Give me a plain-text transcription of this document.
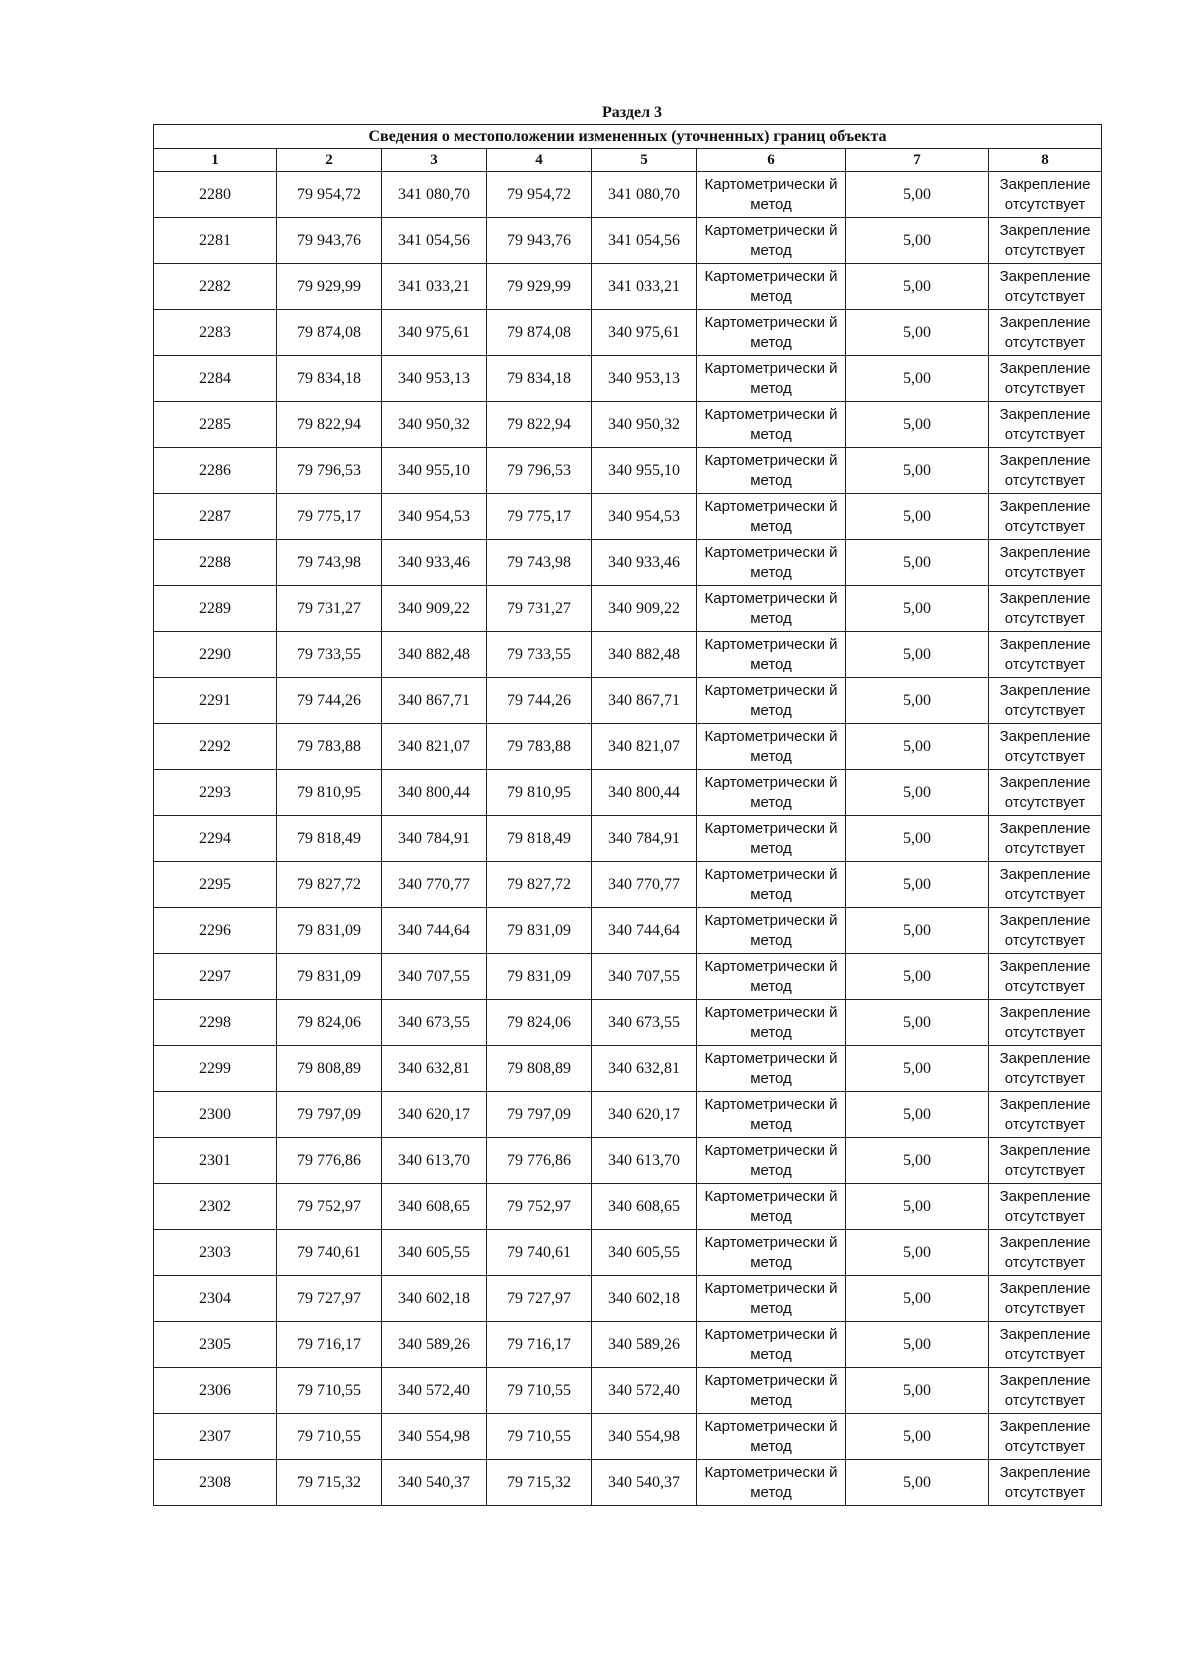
Раздел 3
Сведения о местоположении измененных (уточненных) границ объекта							
1	2	3	4	5	6	7	8
2280	79 954,72	341 080,70	79 954,72	341 080,70	Картометрически й метод	5,00	Закрепление отсутствует
2281	79 943,76	341 054,56	79 943,76	341 054,56	Картометрически й метод	5,00	Закрепление отсутствует
2282	79 929,99	341 033,21	79 929,99	341 033,21	Картометрически й метод	5,00	Закрепление отсутствует
2283	79 874,08	340 975,61	79 874,08	340 975,61	Картометрически й метод	5,00	Закрепление отсутствует
2284	79 834,18	340 953,13	79 834,18	340 953,13	Картометрически й метод	5,00	Закрепление отсутствует
2285	79 822,94	340 950,32	79 822,94	340 950,32	Картометрически й метод	5,00	Закрепление отсутствует
2286	79 796,53	340 955,10	79 796,53	340 955,10	Картометрически й метод	5,00	Закрепление отсутствует
2287	79 775,17	340 954,53	79 775,17	340 954,53	Картометрически й метод	5,00	Закрепление отсутствует
2288	79 743,98	340 933,46	79 743,98	340 933,46	Картометрически й метод	5,00	Закрепление отсутствует
2289	79 731,27	340 909,22	79 731,27	340 909,22	Картометрически й метод	5,00	Закрепление отсутствует
2290	79 733,55	340 882,48	79 733,55	340 882,48	Картометрически й метод	5,00	Закрепление отсутствует
2291	79 744,26	340 867,71	79 744,26	340 867,71	Картометрически й метод	5,00	Закрепление отсутствует
2292	79 783,88	340 821,07	79 783,88	340 821,07	Картометрически й метод	5,00	Закрепление отсутствует
2293	79 810,95	340 800,44	79 810,95	340 800,44	Картометрически й метод	5,00	Закрепление отсутствует
2294	79 818,49	340 784,91	79 818,49	340 784,91	Картометрически й метод	5,00	Закрепление отсутствует
2295	79 827,72	340 770,77	79 827,72	340 770,77	Картометрически й метод	5,00	Закрепление отсутствует
2296	79 831,09	340 744,64	79 831,09	340 744,64	Картометрически й метод	5,00	Закрепление отсутствует
2297	79 831,09	340 707,55	79 831,09	340 707,55	Картометрически й метод	5,00	Закрепление отсутствует
2298	79 824,06	340 673,55	79 824,06	340 673,55	Картометрически й метод	5,00	Закрепление отсутствует
2299	79 808,89	340 632,81	79 808,89	340 632,81	Картометрически й метод	5,00	Закрепление отсутствует
2300	79 797,09	340 620,17	79 797,09	340 620,17	Картометрически й метод	5,00	Закрепление отсутствует
2301	79 776,86	340 613,70	79 776,86	340 613,70	Картометрически й метод	5,00	Закрепление отсутствует
2302	79 752,97	340 608,65	79 752,97	340 608,65	Картометрически й метод	5,00	Закрепление отсутствует
2303	79 740,61	340 605,55	79 740,61	340 605,55	Картометрически й метод	5,00	Закрепление отсутствует
2304	79 727,97	340 602,18	79 727,97	340 602,18	Картометрически й метод	5,00	Закрепление отсутствует
2305	79 716,17	340 589,26	79 716,17	340 589,26	Картометрически й метод	5,00	Закрепление отсутствует
2306	79 710,55	340 572,40	79 710,55	340 572,40	Картометрически й метод	5,00	Закрепление отсутствует
2307	79 710,55	340 554,98	79 710,55	340 554,98	Картометрически й метод	5,00	Закрепление отсутствует
2308	79 715,32	340 540,37	79 715,32	340 540,37	Картометрически й метод	5,00	Закрепление отсутствует
